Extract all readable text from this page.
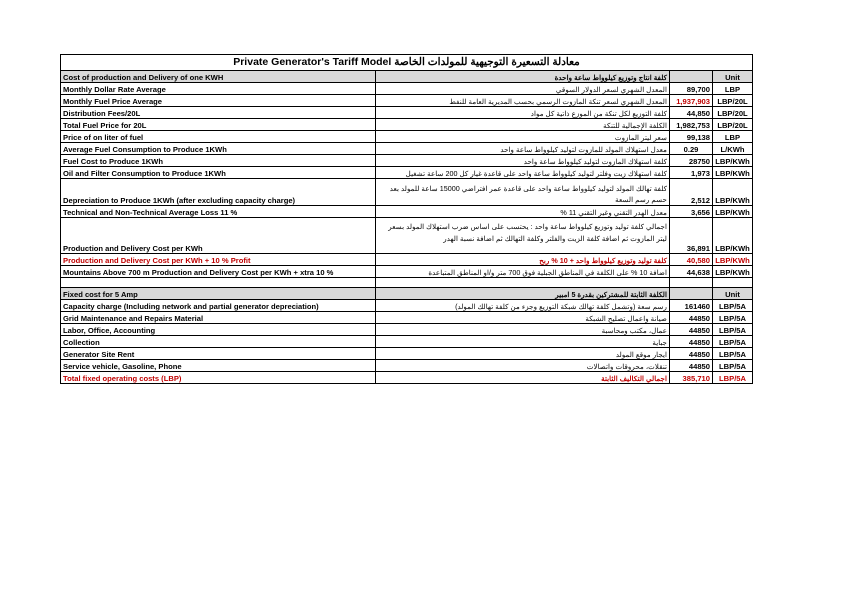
Private Generator's Tariff Model معادلة التسعيرة التوجيهية للمولدات الخاصة			
Cost of production and Delivery of one KWH	كلفة انتاج وتوزيع كيلوواط ساعة واحدة		Unit
Monthly Dollar Rate Average	المعدل الشهري لسعر الدولار السوقي	89,700	LBP
Monthly Fuel Price Average	المعدل الشهري لسعر تنكة المازوت الرسمي بحسب المديرية العامة للنفط	1,937,903	LBP/20L
Distribution Fees/20L	كلفة التوزيع لكل تنكة من الموزع ذاتية كل مواد	44,850	LBP/20L
Total Fuel Price for 20L	الكلفة الإجمالية للتنكة	1,982,753	LBP/20L
Price of on liter of fuel	سعر ليتر المازوت	99,138	LBP
Average Fuel Consumption to Produce 1KWh	معدل استهلاك المولد للمازوت لتوليد كيلوواط ساعة واحد	0.29	L/KWh
Fuel Cost to Produce 1KWh	كلفة استهلاك المازوت لتوليد كيلوواط ساعة واحد	28750	LBP/KWh
Oil and Filter Consumption to Produce 1KWh	كلفة استهلاك زيت وفلتر لتوليد كيلوواط ساعة واحد على قاعدة غيار كل 200 ساعة تشغيل	1,973	LBP/KWh
Depreciation to Produce 1KWh (after excluding capacity charge)	كلفة تهالك المولد لتوليد كيلوواط ساعة واحد على قاعدة عمر افتراضي 15000 ساعة للمولد بعد حسم رسم السعة	2,512	LBP/KWh
Technical and Non-Technical Average Loss 11 %	معدل الهدر التقني وغير التقني 11 %	3,656	LBP/KWh
Production and Delivery Cost per KWh	اجمالي كلفة توليد وتوزيع كيلوواط ساعة واحد : يحتسب على اساس ضرب استهلاك المولد بسعر ليتر المازوت ثم اضافة كلفة الزيت والفلتر وكلفة التهالك ثم اضافة نسبة الهدر	36,891	LBP/KWh
Production and Delivery Cost per KWh + 10 % Profit	كلفة توليد وتوزيع كيلوواط واحد + 10 % ربح	40,580	LBP/KWh
Mountains Above 700 m Production and Delivery Cost per KWh + xtra 10 %	اضافة 10 % على الكلفة في المناطق الجبلية فوق 700 متر و/او المناطق المتباعدة	44,638	LBP/KWh

Fixed cost for 5 Amp	الكلفة الثابتة للمشتركين بقدرة 5 امبير		Unit
Capacity charge (Including network and partial generator depreciation)	رسم سعة (وتشمل كلفة تهالك شبكة التوزيع وجزء من كلفة تهالك المولد)	161460	LBP/5A
Grid Maintenance and Repairs Material	صيانة واعمال تصليح الشبكة	44850	LBP/5A
Labor, Office, Accounting	عمال، مكتب ومحاسبة	44850	LBP/5A
Collection	جباية	44850	LBP/5A
Generator Site Rent	ايجار موقع المولد	44850	LBP/5A
Service vehicle, Gasoline, Phone	تنقلات، محروقات واتصالات	44850	LBP/5A
Total fixed operating costs (LBP)	اجمالي التكاليف الثابتة	385,710	LBP/5A
